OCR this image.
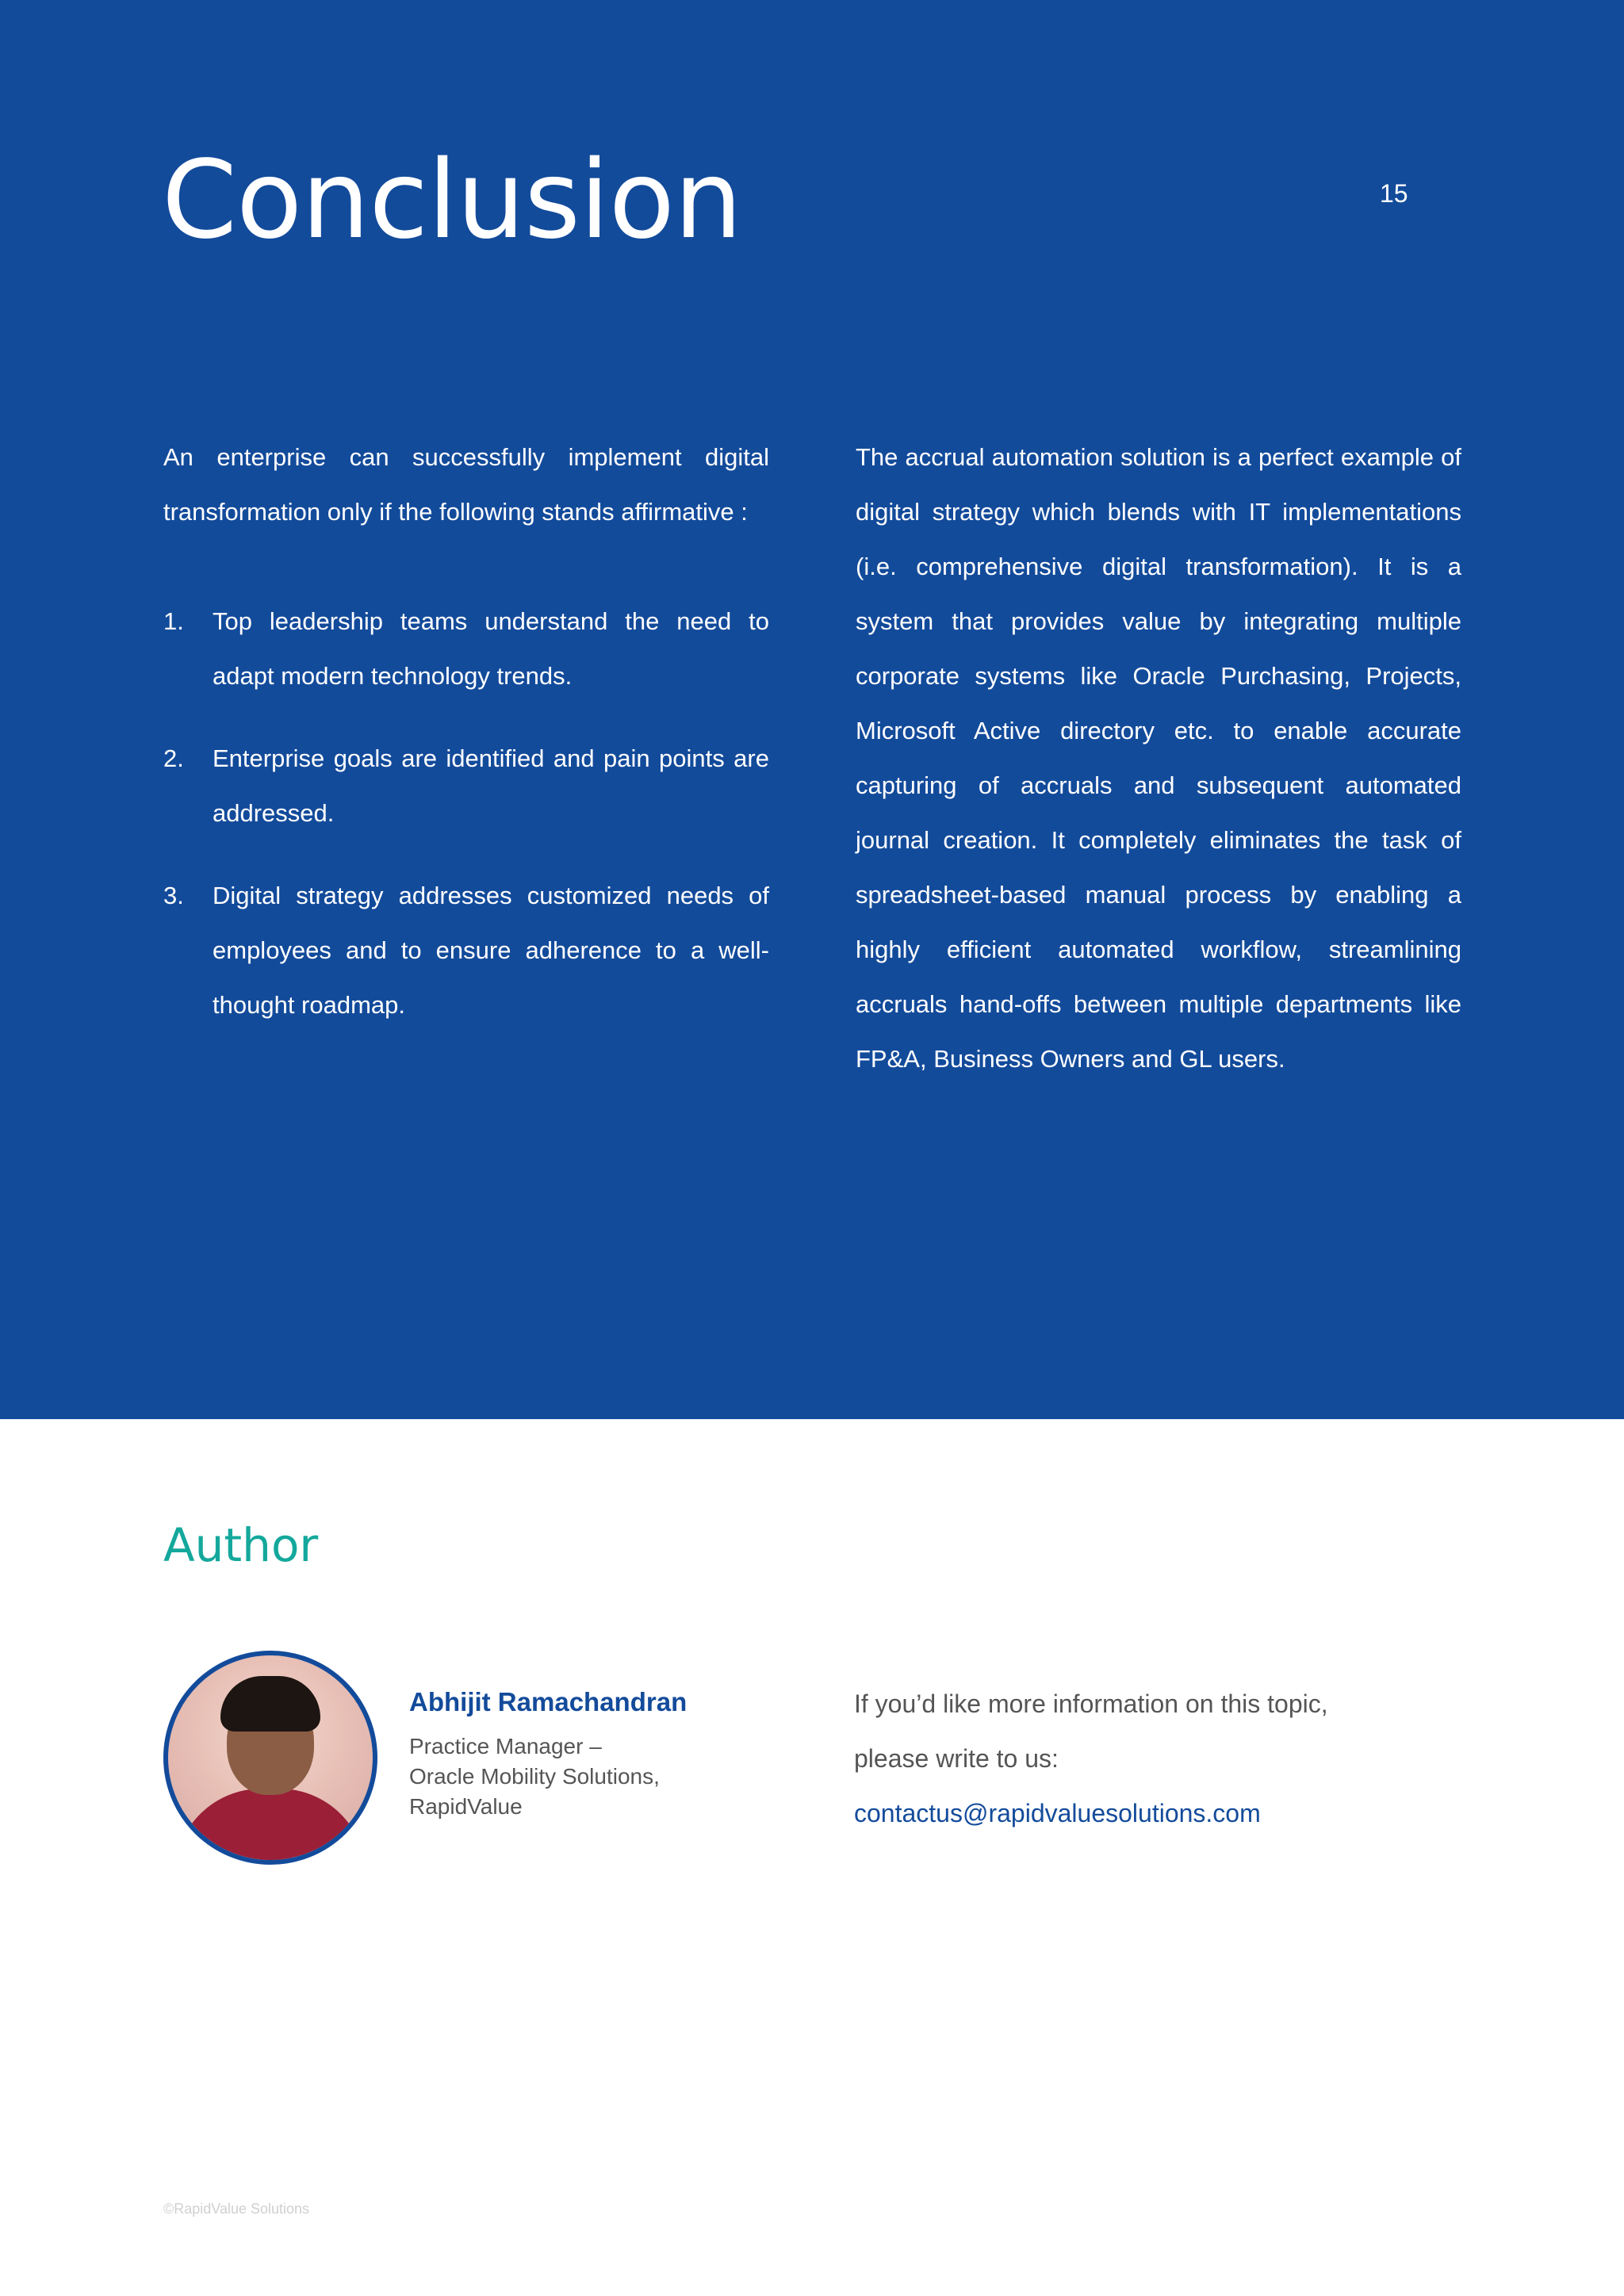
Conclusion	15

An enterprise can successfully implement digital transformation only if the following stands affirmative :

1. Top leadership teams understand the need to adapt modern technology trends.
2. Enterprise goals are identified and pain points are addressed.
3. Digital strategy addresses customized needs of employees and to ensure adherence to a well-thought roadmap.

The accrual automation solution is a perfect example of digital strategy which blends with IT implementations (i.e. comprehensive digital transformation). It is a system that provides value by integrating multiple corporate systems like Oracle Purchasing, Projects, Microsoft Active directory etc. to enable accurate capturing of accruals and subsequent automated journal creation. It completely eliminates the task of spreadsheet-based manual process by enabling a highly efficient automated workflow, streamlining accruals hand-offs between multiple departments like FP&A, Business Owners and GL users.

Author
Abhijit Ramachandran
Practice Manager –
Oracle Mobility Solutions,
RapidValue
If you’d like more information on this topic,
please write to us:
contactus@rapidvaluesolutions.com
©RapidValue Solutions
